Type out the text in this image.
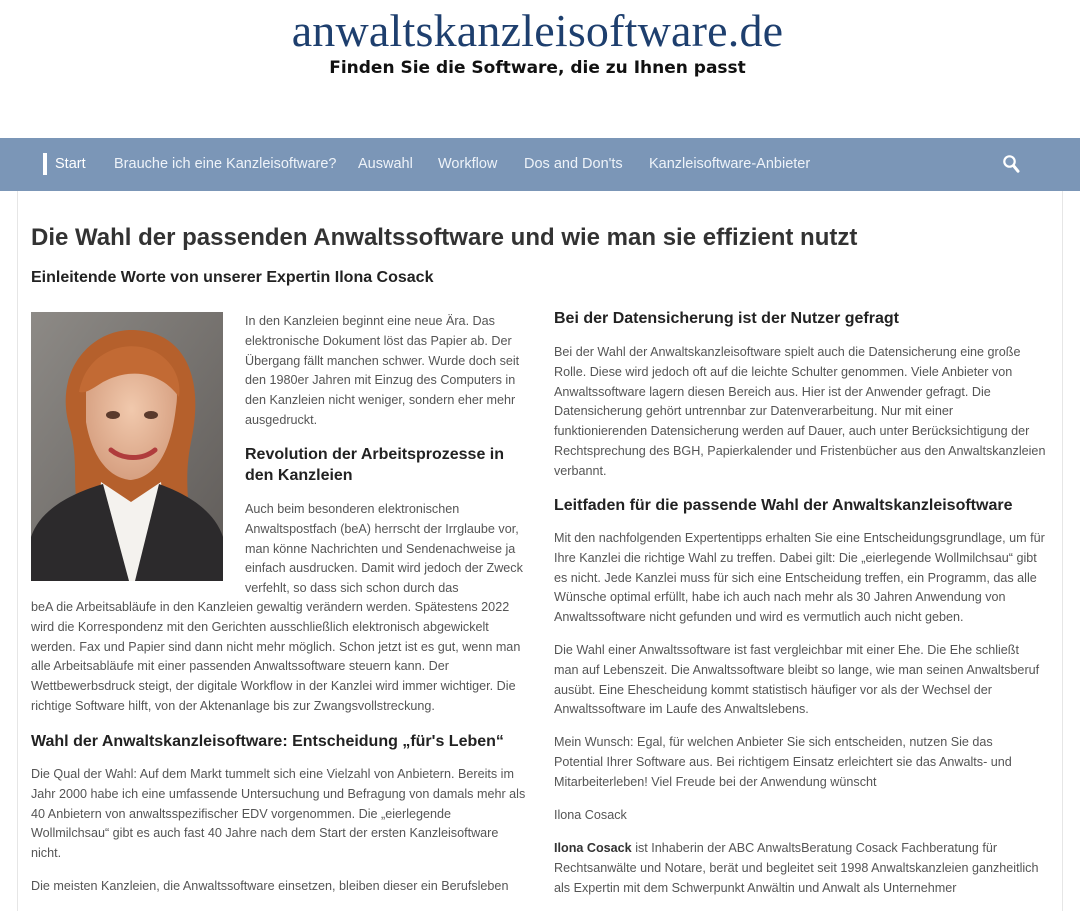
anwaltskanzleisoftware.de
Finden Sie die Software, die zu Ihnen passt
Start Brauche ich eine Kanzleisoftware? Auswahl Workflow Dos and Don'ts Kanzleisoftware-Anbieter
Die Wahl der passenden Anwaltssoftware und wie man sie effizient nutzt
Einleitende Worte von unserer Expertin Ilona Cosack
In den Kanzleien beginnt eine neue Ära. Das elektronische Dokument löst das Papier ab. Der Übergang fällt manchen schwer. Wurde doch seit den 1980er Jahren mit Einzug des Computers in den Kanzleien nicht weniger, sondern eher mehr ausgedruckt.
Revolution der Arbeitsprozesse in den Kanzleien
Auch beim besonderen elektronischen Anwaltspostfach (beA) herrscht der Irrglaube vor, man könne Nachrichten und Sendenachweise ja einfach ausdrucken. Damit wird jedoch der Zweck verfehlt, so dass sich schon durch das
beA die Arbeitsabläufe in den Kanzleien gewaltig verändern werden. Spätestens 2022 wird die Korrespondenz mit den Gerichten ausschließlich elektronisch abgewickelt werden. Fax und Papier sind dann nicht mehr möglich. Schon jetzt ist es gut, wenn man alle Arbeitsabläufe mit einer passenden Anwaltssoftware steuern kann. Der Wettbewerbsdruck steigt, der digitale Workflow in der Kanzlei wird immer wichtiger. Die richtige Software hilft, von der Aktenanlage bis zur Zwangsvollstreckung.
Wahl der Anwaltskanzleisoftware: Entscheidung „für's Leben“
Die Qual der Wahl: Auf dem Markt tummelt sich eine Vielzahl von Anbietern. Bereits im Jahr 2000 habe ich eine umfassende Untersuchung und Befragung von damals mehr als 40 Anbietern von anwaltsspezifischer EDV vorgenommen. Die „eierlegende Wollmilchsau“ gibt es auch fast 40 Jahre nach dem Start der ersten Kanzleisoftware nicht.
Die meisten Kanzleien, die Anwaltssoftware einsetzen, bleiben dieser ein Berufsleben
Bei der Datensicherung ist der Nutzer gefragt
Bei der Wahl der Anwaltskanzleisoftware spielt auch die Datensicherung eine große Rolle. Diese wird jedoch oft auf die leichte Schulter genommen. Viele Anbieter von Anwaltssoftware lagern diesen Bereich aus. Hier ist der Anwender gefragt. Die Datensicherung gehört untrennbar zur Datenverarbeitung. Nur mit einer funktionierenden Datensicherung werden auf Dauer, auch unter Berücksichtigung der Rechtsprechung des BGH, Papierkalender und Fristenbücher aus den Anwaltskanzleien verbannt.
Leitfaden für die passende Wahl der Anwaltskanzleisoftware
Mit den nachfolgenden Expertentipps erhalten Sie eine Entscheidungsgrundlage, um für Ihre Kanzlei die richtige Wahl zu treffen. Dabei gilt: Die „eierlegende Wollmilchsau“ gibt es nicht. Jede Kanzlei muss für sich eine Entscheidung treffen, ein Programm, das alle Wünsche optimal erfüllt, habe ich auch nach mehr als 30 Jahren Anwendung von Anwaltssoftware nicht gefunden und wird es vermutlich auch nicht geben.
Die Wahl einer Anwaltssoftware ist fast vergleichbar mit einer Ehe. Die Ehe schließt man auf Lebenszeit. Die Anwaltssoftware bleibt so lange, wie man seinen Anwaltsberuf ausübt. Eine Ehescheidung kommt statistisch häufiger vor als der Wechsel der Anwaltssoftware im Laufe des Anwaltslebens.
Mein Wunsch: Egal, für welchen Anbieter Sie sich entscheiden, nutzen Sie das Potential Ihrer Software aus. Bei richtigem Einsatz erleichtert sie das Anwalts- und Mitarbeiterleben! Viel Freude bei der Anwendung wünscht
Ilona Cosack
Ilona Cosack ist Inhaberin der ABC AnwaltsBeratung Cosack Fachberatung für Rechtsanwälte und Notare, berät und begleitet seit 1998 Anwaltskanzleien ganzheitlich als Expertin mit dem Schwerpunkt Anwältin und Anwalt als Unternehmer
